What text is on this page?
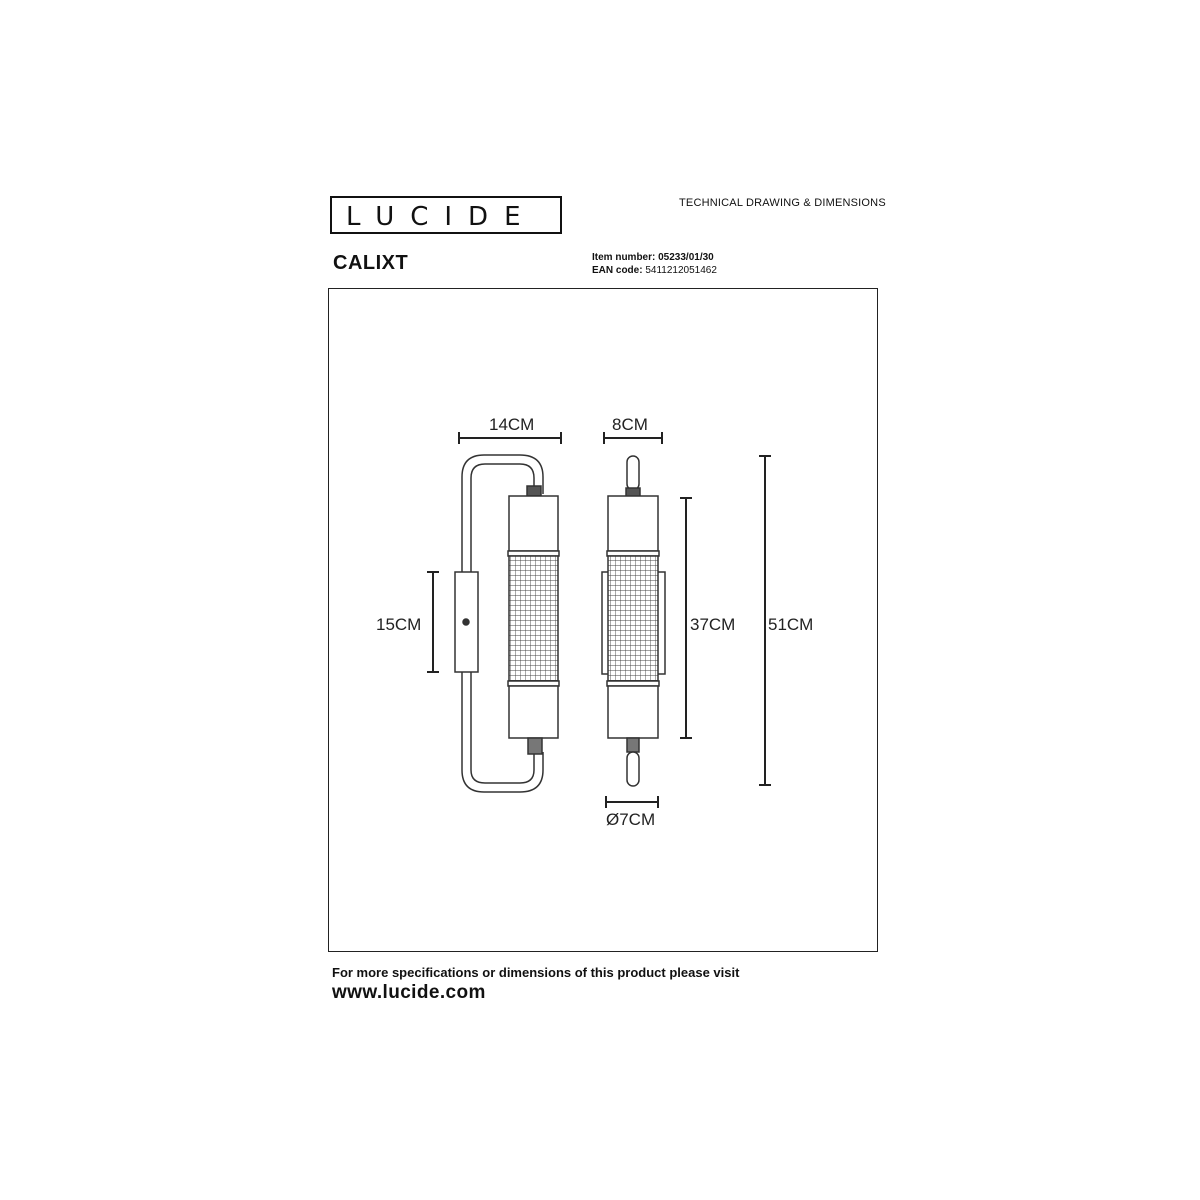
LUCIDE	TECHNICAL DRAWING & DIMENSIONS
CALIXT	Item number: 05233/01/30
EAN code: 5411212051462
14CM	8CM
15CM	37CM 51CM
Ø7CM
For more specifications or dimensions of this product please visit
www.lucide.com
